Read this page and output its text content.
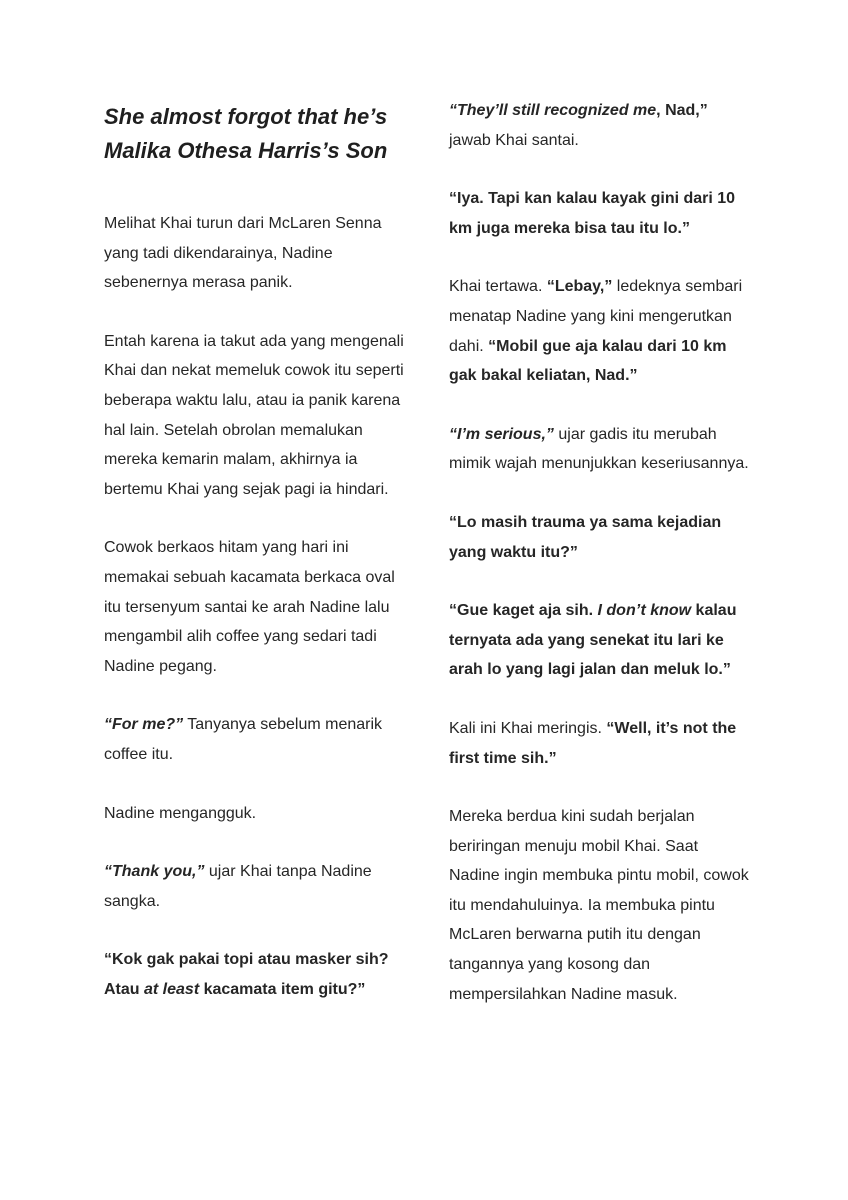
She almost forgot that he’s
Malika Othesa Harris’s Son

Melihat Khai turun dari McLaren Senna yang tadi dikendarainya, Nadine sebenernya merasa panik.

Entah karena ia takut ada yang mengenali Khai dan nekat memeluk cowok itu seperti beberapa waktu lalu, atau ia panik karena hal lain. Setelah obrolan memalukan mereka kemarin malam, akhirnya ia bertemu Khai yang sejak pagi ia hindari.

Cowok berkaos hitam yang hari ini memakai sebuah kacamata berkaca oval itu tersenyum santai ke arah Nadine lalu mengambil alih coffee yang sedari tadi Nadine pegang.

“For me?” Tanyanya sebelum menarik coffee itu.

Nadine mengangguk.

“Thank you,” ujar Khai tanpa Nadine sangka.

“Kok gak pakai topi atau masker sih? Atau at least kacamata item gitu?”

“They’ll still recognized me, Nad,” jawab Khai santai.

“Iya. Tapi kan kalau kayak gini dari 10 km juga mereka bisa tau itu lo.”

Khai tertawa. “Lebay,” ledeknya sembari menatap Nadine yang kini mengerutkan dahi. “Mobil gue aja kalau dari 10 km gak bakal keliatan, Nad.”

“I’m serious,” ujar gadis itu merubah mimik wajah menunjukkan keseriusannya.

“Lo masih trauma ya sama kejadian yang waktu itu?”

“Gue kaget aja sih. I don’t know kalau ternyata ada yang senekat itu lari ke arah lo yang lagi jalan dan meluk lo.”

Kali ini Khai meringis. “Well, it’s not the first time sih.”

Mereka berdua kini sudah berjalan beriringan menuju mobil Khai. Saat Nadine ingin membuka pintu mobil, cowok itu mendahuluinya. Ia membuka pintu McLaren berwarna putih itu dengan tangannya yang kosong dan mempersilahkan Nadine masuk.
